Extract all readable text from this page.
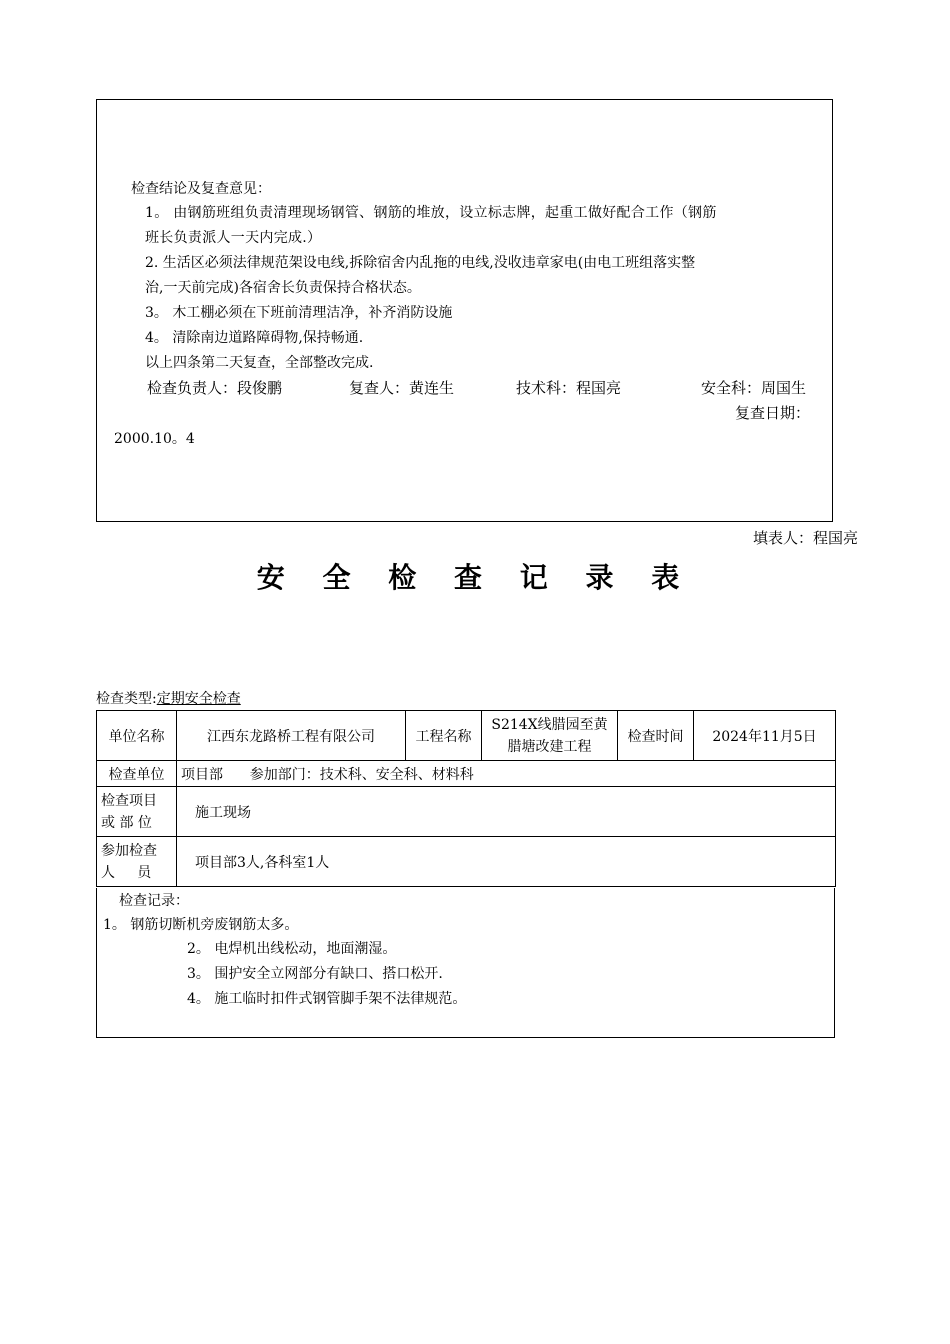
检查结论及复查意见：
1。 由钢筋班组负责清理现场钢管、钢筋的堆放，设立标志牌，起重工做好配合工作（钢筋
班长负责派人一天内完成.）
2. 生活区必须法律规范架设电线,拆除宿舍内乱拖的电线,没收违章家电(由电工班组落实整
治,一天前完成)各宿舍长负责保持合格状态。
3。 木工棚必须在下班前清理洁净，补齐消防设施
4。 清除南边道路障碍物,保持畅通.
以上四条第二天复查，全部整改完成.
检查负责人：段俊鹏	复查人：黄连生	技术科：程国亮	安全科：周国生
复查日期：
2000.10。4
填表人：程国亮
安 全 检 查 记 录 表
检查类型:定期安全检查
单位名称	江西东龙路桥工程有限公司	工程名称	S214X线腊园至黄
腊塘改建工程	检查时间	2024年11月5日
检查单位	项目部      参加部门：技术科、安全科、材料科				

检查项目
或 部 位	施工现场				

参加检查
人     员	项目部3人,各科室1人				
检查记录：
1。 钢筋切断机旁废钢筋太多。
2。 电焊机出线松动，地面潮湿。
3。 围护安全立网部分有缺口、搭口松开.
4。 施工临时扣件式钢管脚手架不法律规范。
